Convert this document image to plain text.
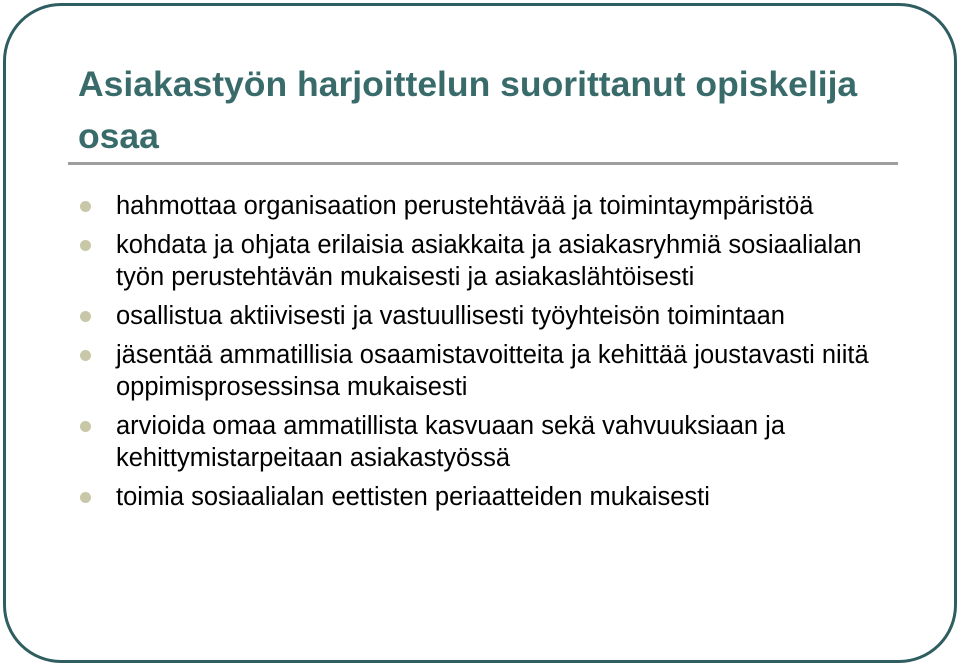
Asiakastyön harjoittelun suorittanut opiskelija osaa
hahmottaa organisaation perustehtävää ja toimintaympäristöä
kohdata ja ohjata erilaisia asiakkaita ja asiakasryhmiä sosiaalialan työn perustehtävän mukaisesti ja asiakaslähtöisesti
osallistua aktiivisesti ja vastuullisesti työyhteisön toimintaan
jäsentää ammatillisia osaamistavoitteita ja kehittää joustavasti niitä oppimisprosessinsa mukaisesti
arvioida omaa ammatillista kasvuaan sekä vahvuuksiaan ja kehittymistarpeitaan asiakastyössä
toimia sosiaalialan eettisten periaatteiden mukaisesti
